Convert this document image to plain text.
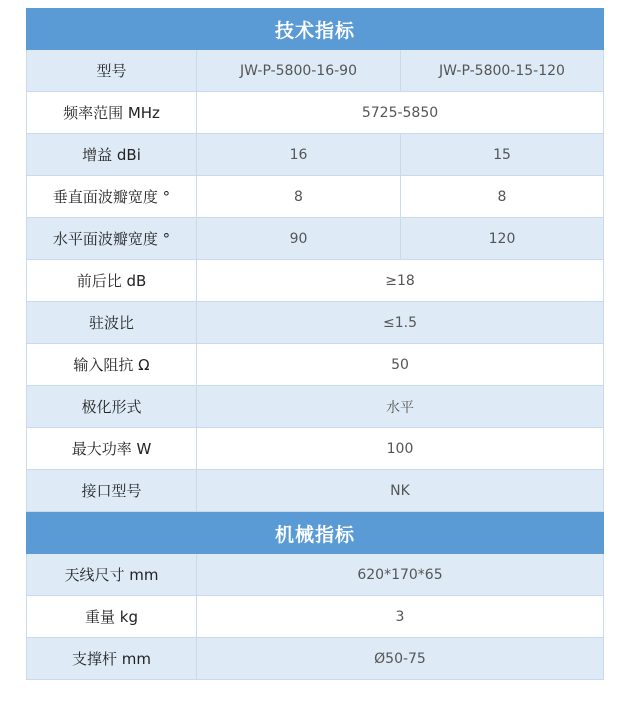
技术指标
型号	JW-P-5800-16-90	JW-P-5800-15-120
频率范围 MHz	5725-5850
增益 dBi	16	15
垂直面波瓣宽度 °	8	8
水平面波瓣宽度 °	90	120
前后比 dB	≥18
驻波比	≤1.5
输入阻抗 Ω	50
极化形式	水平
最大功率 W	100
接口型号	NK
机械指标
天线尺寸 mm	620*170*65
重量 kg	3
支撑杆 mm	Ø50-75
